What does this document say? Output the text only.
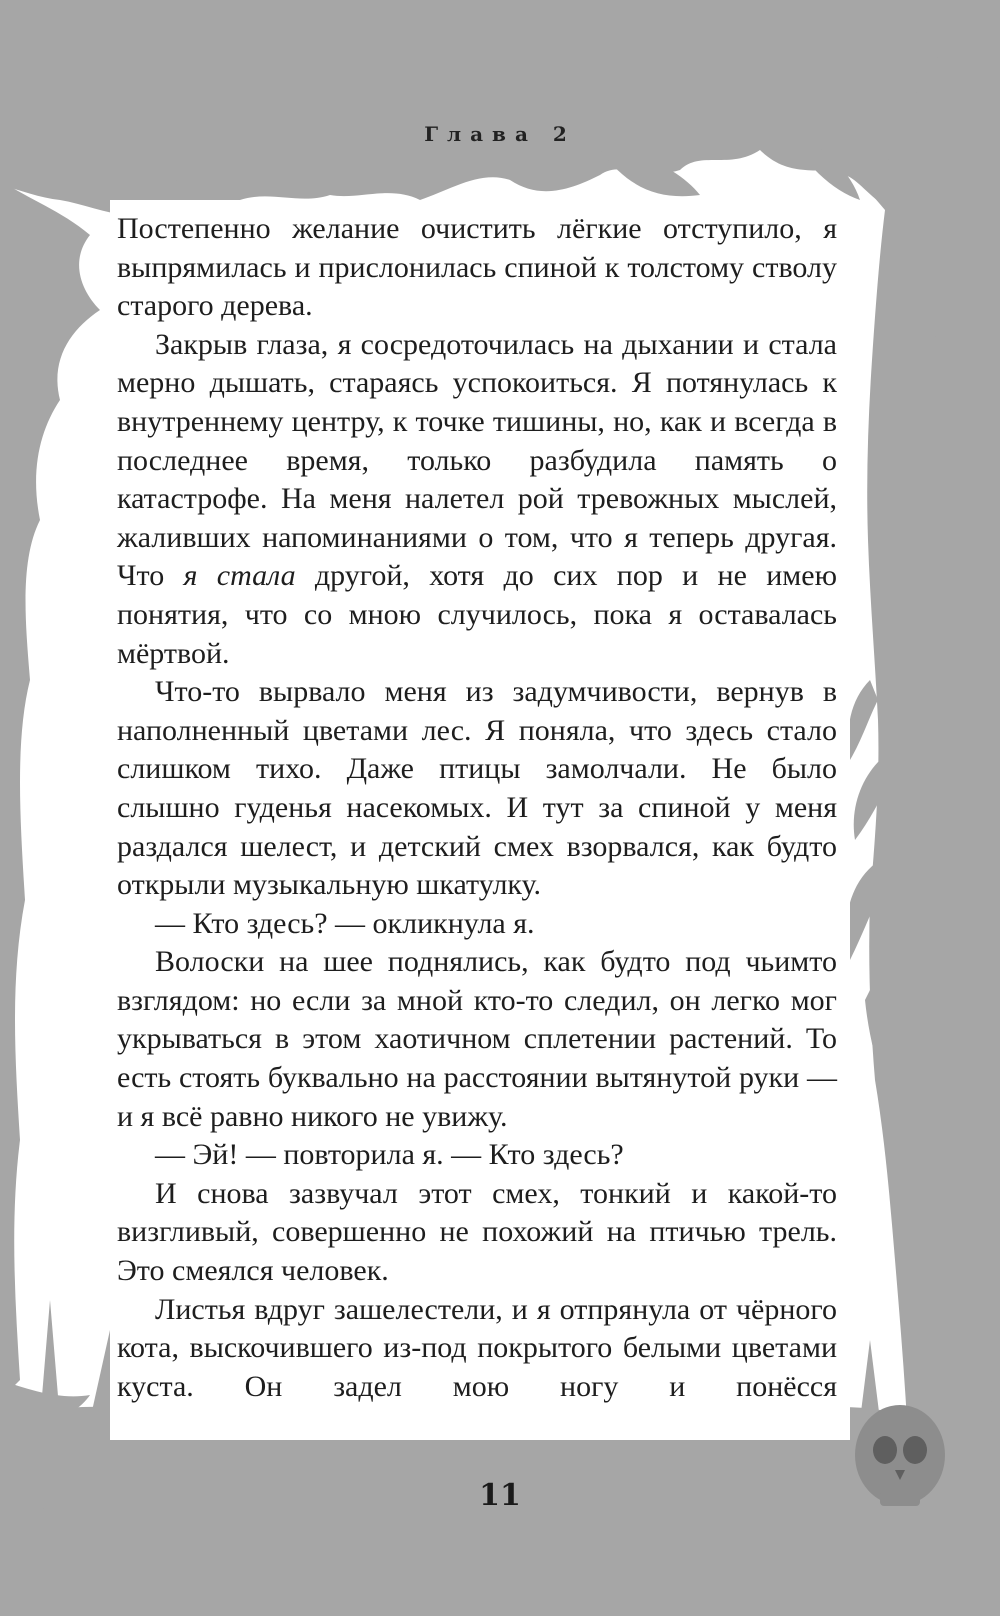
Глава 2

Постепенно желание очистить лёгкие отступило, я выпрямилась и прислонилась спиной к толстому стволу старого дерева.

Закрыв глаза, я сосредоточилась на дыхании и стала мерно дышать, стараясь успокоиться. Я потянулась к внутреннему центру, к точке тишины, но, как и всегда в последнее время, только разбудила память о катастрофе. На меня налетел рой тревожных мыслей, жаливших напоминаниями о том, что я теперь другая. Что я стала другой, хотя до сих пор и не имею понятия, что со мною случилось, пока я оставалась мёртвой.

Что-то вырвало меня из задумчивости, вернув в наполненный цветами лес. Я поняла, что здесь стало слишком тихо. Даже птицы замолчали. Не было слышно гуденья насекомых. И тут за спиной у меня раздался шелест, и детский смех взорвался, как будто открыли музыкальную шкатулку.

— Кто здесь? — окликнула я.

Волоски на шее поднялись, как будто под чьимто взглядом: но если за мной кто-то следил, он легко мог укрываться в этом хаотичном сплетении растений. То есть стоять буквально на расстоянии вытянутой руки — и я всё равно никого не увижу.

— Эй! — повторила я. — Кто здесь?

И снова зазвучал этот смех, тонкий и какой-то визгливый, совершенно не похожий на птичью трель. Это смеялся человек.

Листья вдруг зашелестели, и я отпрянула от чёрного кота, выскочившего из-под покрытого белыми цветами куста. Он задел мою ногу и понёсся

11
